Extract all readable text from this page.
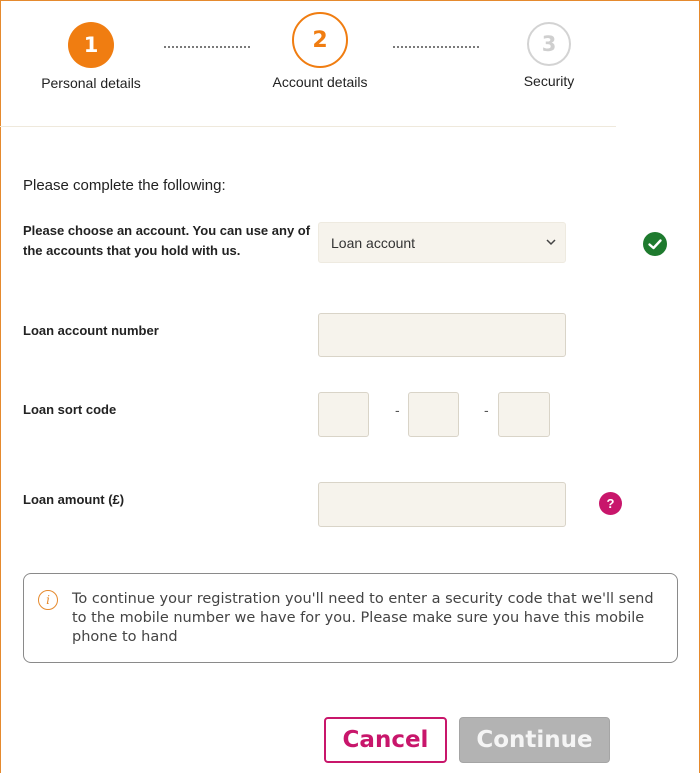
1
Personal details
2
Account details
3
Security
Please complete the following:
Please choose an account. You can use any of the accounts that you hold with us.	Loan account
Loan account number
Loan sort code	-	-
Loan amount (£)	?
i	To continue your registration you'll need to enter a security code that we'll send to the mobile number we have for you. Please make sure you have this mobile phone to hand
Cancel	Continue
